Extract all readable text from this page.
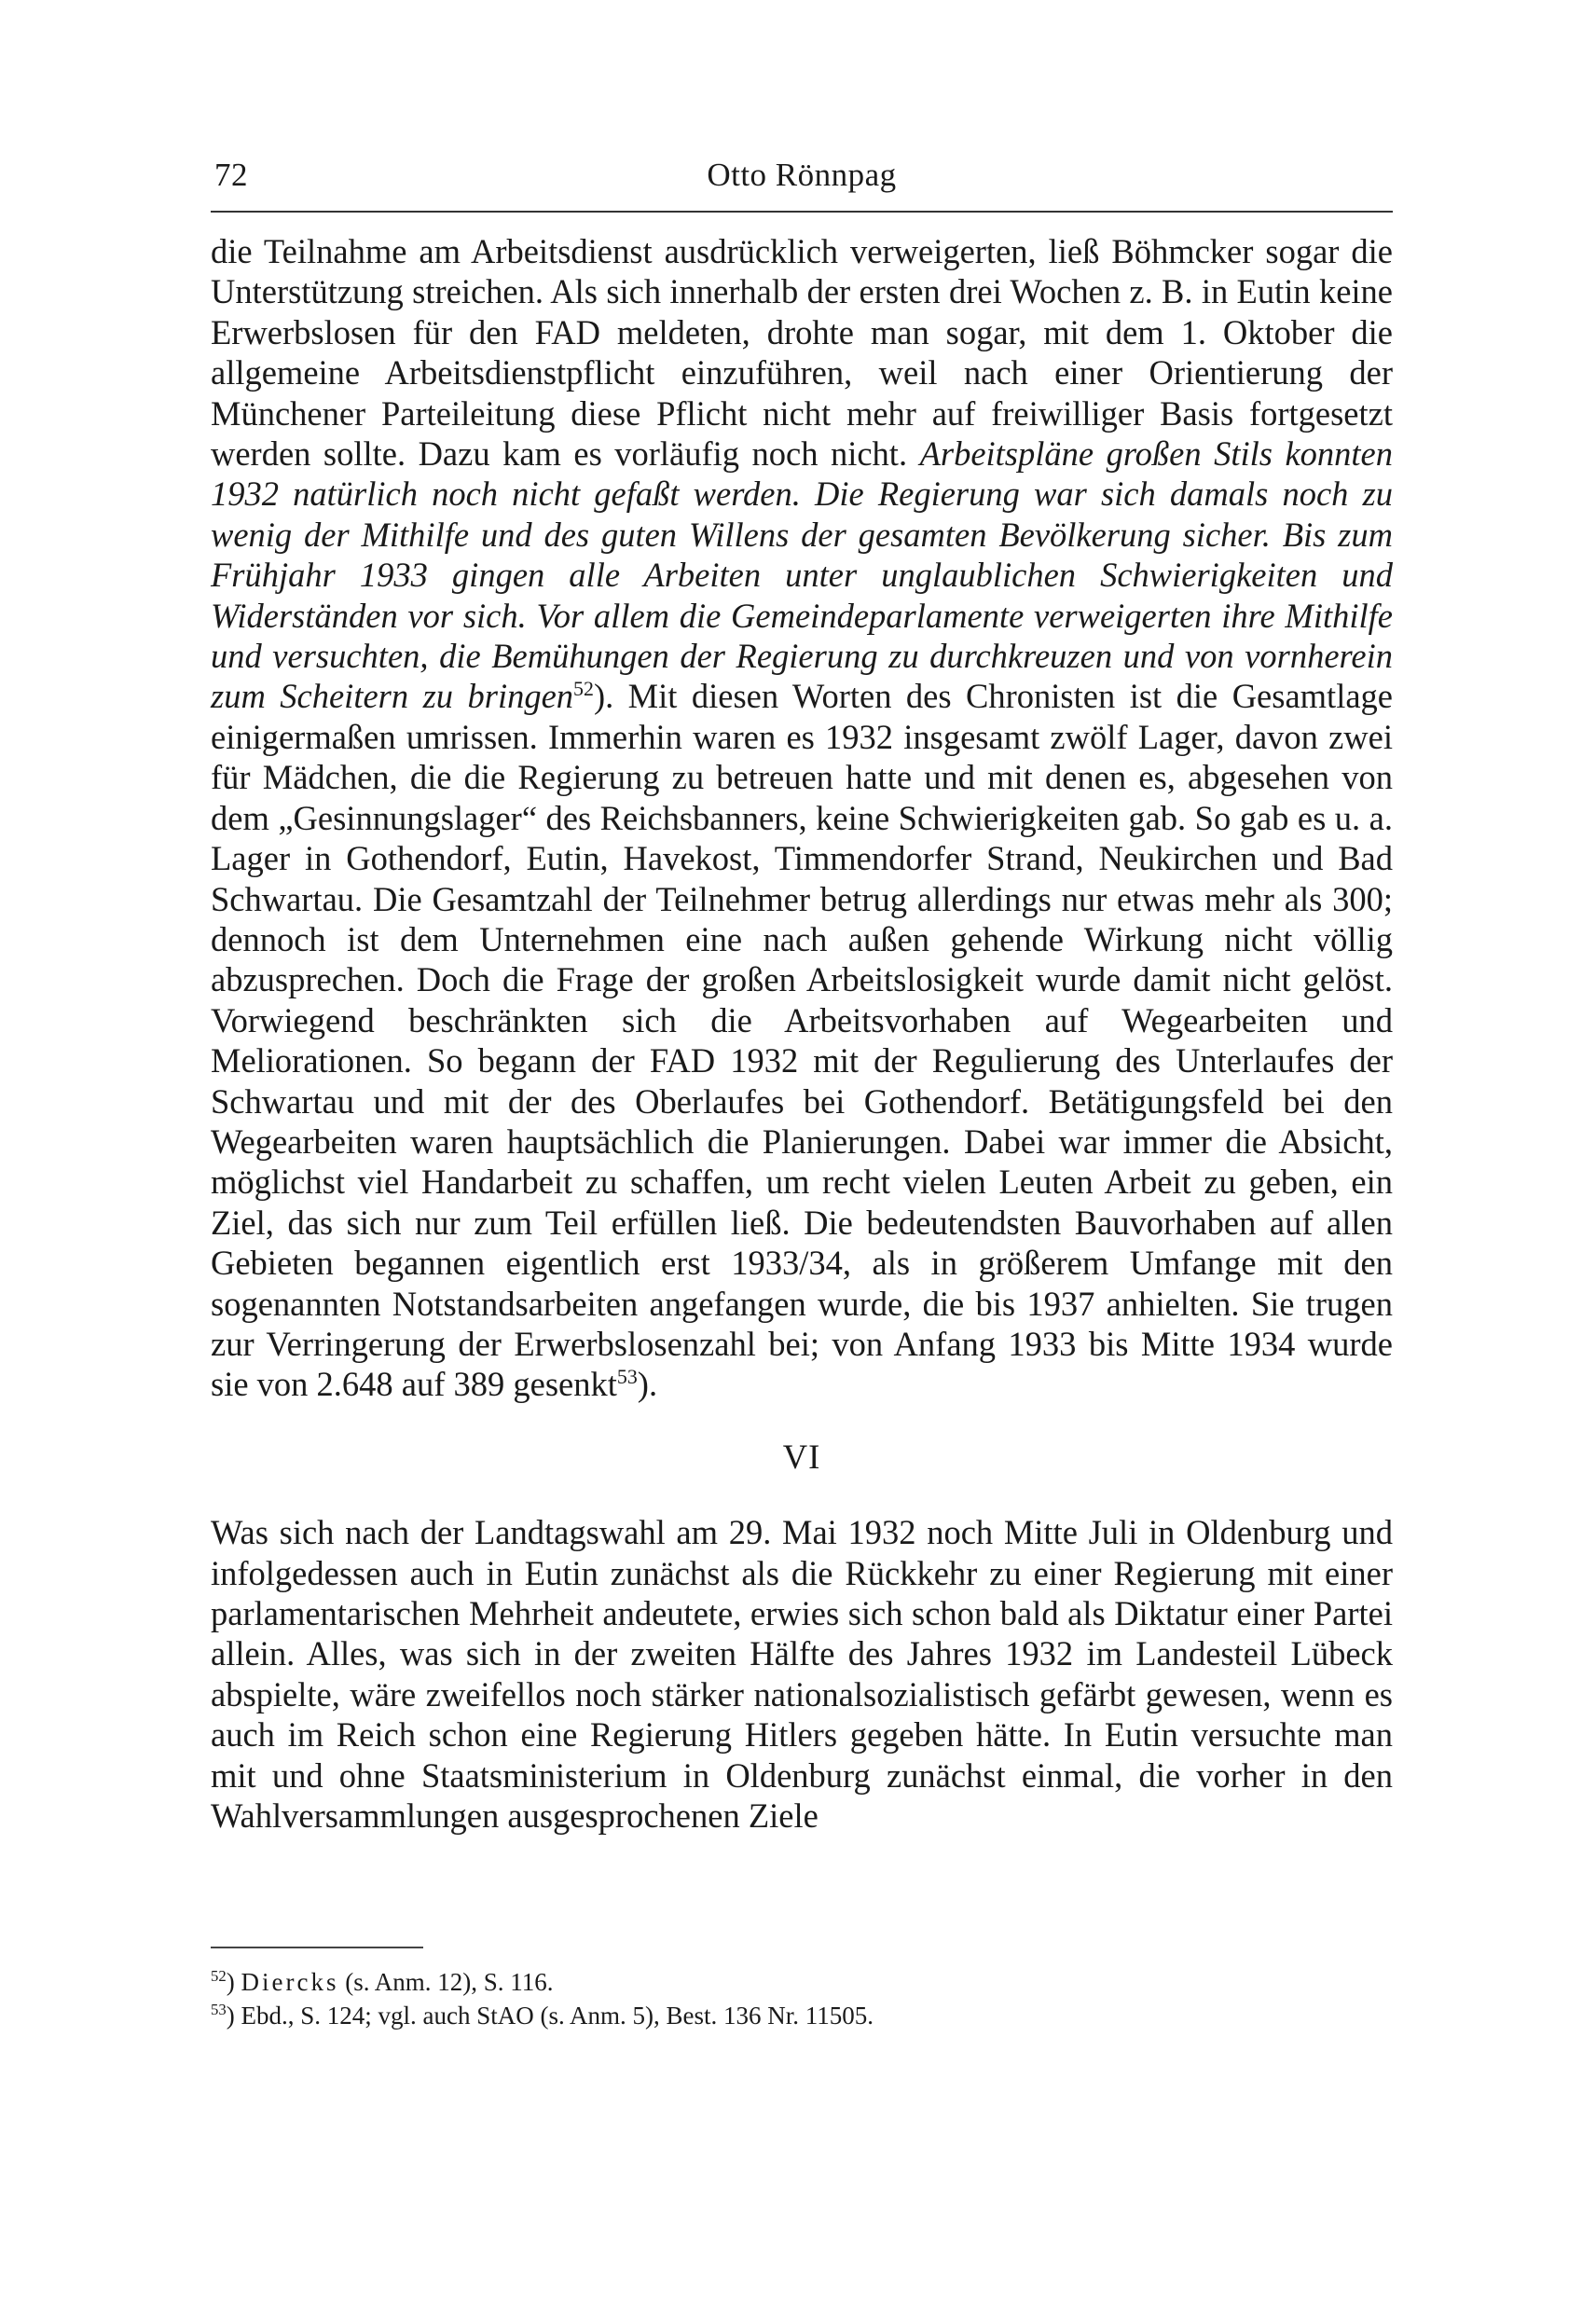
72	Otto Rönnpag

die Teilnahme am Arbeitsdienst ausdrücklich verweigerten, ließ Böhmcker sogar die Unterstützung streichen. Als sich innerhalb der ersten drei Wochen z. B. in Eutin keine Erwerbslosen für den FAD meldeten, drohte man sogar, mit dem 1. Oktober die allgemeine Arbeitsdienstpflicht einzuführen, weil nach einer Orientierung der Münchener Parteileitung diese Pflicht nicht mehr auf freiwilliger Basis fortgesetzt werden sollte. Dazu kam es vorläufig noch nicht. Arbeitspläne großen Stils konnten 1932 natürlich noch nicht gefaßt werden. Die Regierung war sich damals noch zu wenig der Mithilfe und des guten Willens der gesamten Bevölkerung sicher. Bis zum Frühjahr 1933 gingen alle Arbeiten unter unglaublichen Schwierigkeiten und Widerständen vor sich. Vor allem die Gemeindeparlamente verweigerten ihre Mithilfe und versuchten, die Bemühungen der Regierung zu durchkreuzen und von vornherein zum Scheitern zu bringen$^{52}$). Mit diesen Worten des Chronisten ist die Gesamtlage einigermaßen umrissen. Immerhin waren es 1932 insgesamt zwölf Lager, davon zwei für Mädchen, die die Regierung zu betreuen hatte und mit denen es, abgesehen von dem „Gesinnungslager“ des Reichsbanners, keine Schwierigkeiten gab. So gab es u. a. Lager in Gothendorf, Eutin, Havekost, Timmendorfer Strand, Neukirchen und Bad Schwartau. Die Gesamtzahl der Teilnehmer betrug allerdings nur etwas mehr als 300; dennoch ist dem Unternehmen eine nach außen gehende Wirkung nicht völlig abzusprechen. Doch die Frage der großen Arbeitslosigkeit wurde damit nicht gelöst. Vorwiegend beschränkten sich die Arbeitsvorhaben auf Wegearbeiten und Meliorationen. So begann der FAD 1932 mit der Regulierung des Unterlaufes der Schwartau und mit der des Oberlaufes bei Gothendorf. Betätigungsfeld bei den Wegearbeiten waren hauptsächlich die Planierungen. Dabei war immer die Absicht, möglichst viel Handarbeit zu schaffen, um recht vielen Leuten Arbeit zu geben, ein Ziel, das sich nur zum Teil erfüllen ließ. Die bedeutendsten Bauvorhaben auf allen Gebieten begannen eigentlich erst 1933/34, als in größerem Umfange mit den sogenannten Notstandsarbeiten angefangen wurde, die bis 1937 anhielten. Sie trugen zur Verringerung der Erwerbslosenzahl bei; von Anfang 1933 bis Mitte 1934 wurde sie von 2.648 auf 389 gesenkt$^{53}$).

VI

Was sich nach der Landtagswahl am 29. Mai 1932 noch Mitte Juli in Oldenburg und infolgedessen auch in Eutin zunächst als die Rückkehr zu einer Regierung mit einer parlamentarischen Mehrheit andeutete, erwies sich schon bald als Diktatur einer Partei allein. Alles, was sich in der zweiten Hälfte des Jahres 1932 im Landesteil Lübeck abspielte, wäre zweifellos noch stärker nationalsozialistisch gefärbt gewesen, wenn es auch im Reich schon eine Regierung Hitlers gegeben hätte. In Eutin versuchte man mit und ohne Staatsministerium in Oldenburg zunächst einmal, die vorher in den Wahlversammlungen ausgesprochenen Ziele

$^{52}$) Diercks (s. Anm. 12), S. 116.
$^{53}$) Ebd., S. 124; vgl. auch StAO (s. Anm. 5), Best. 136 Nr. 11505.
